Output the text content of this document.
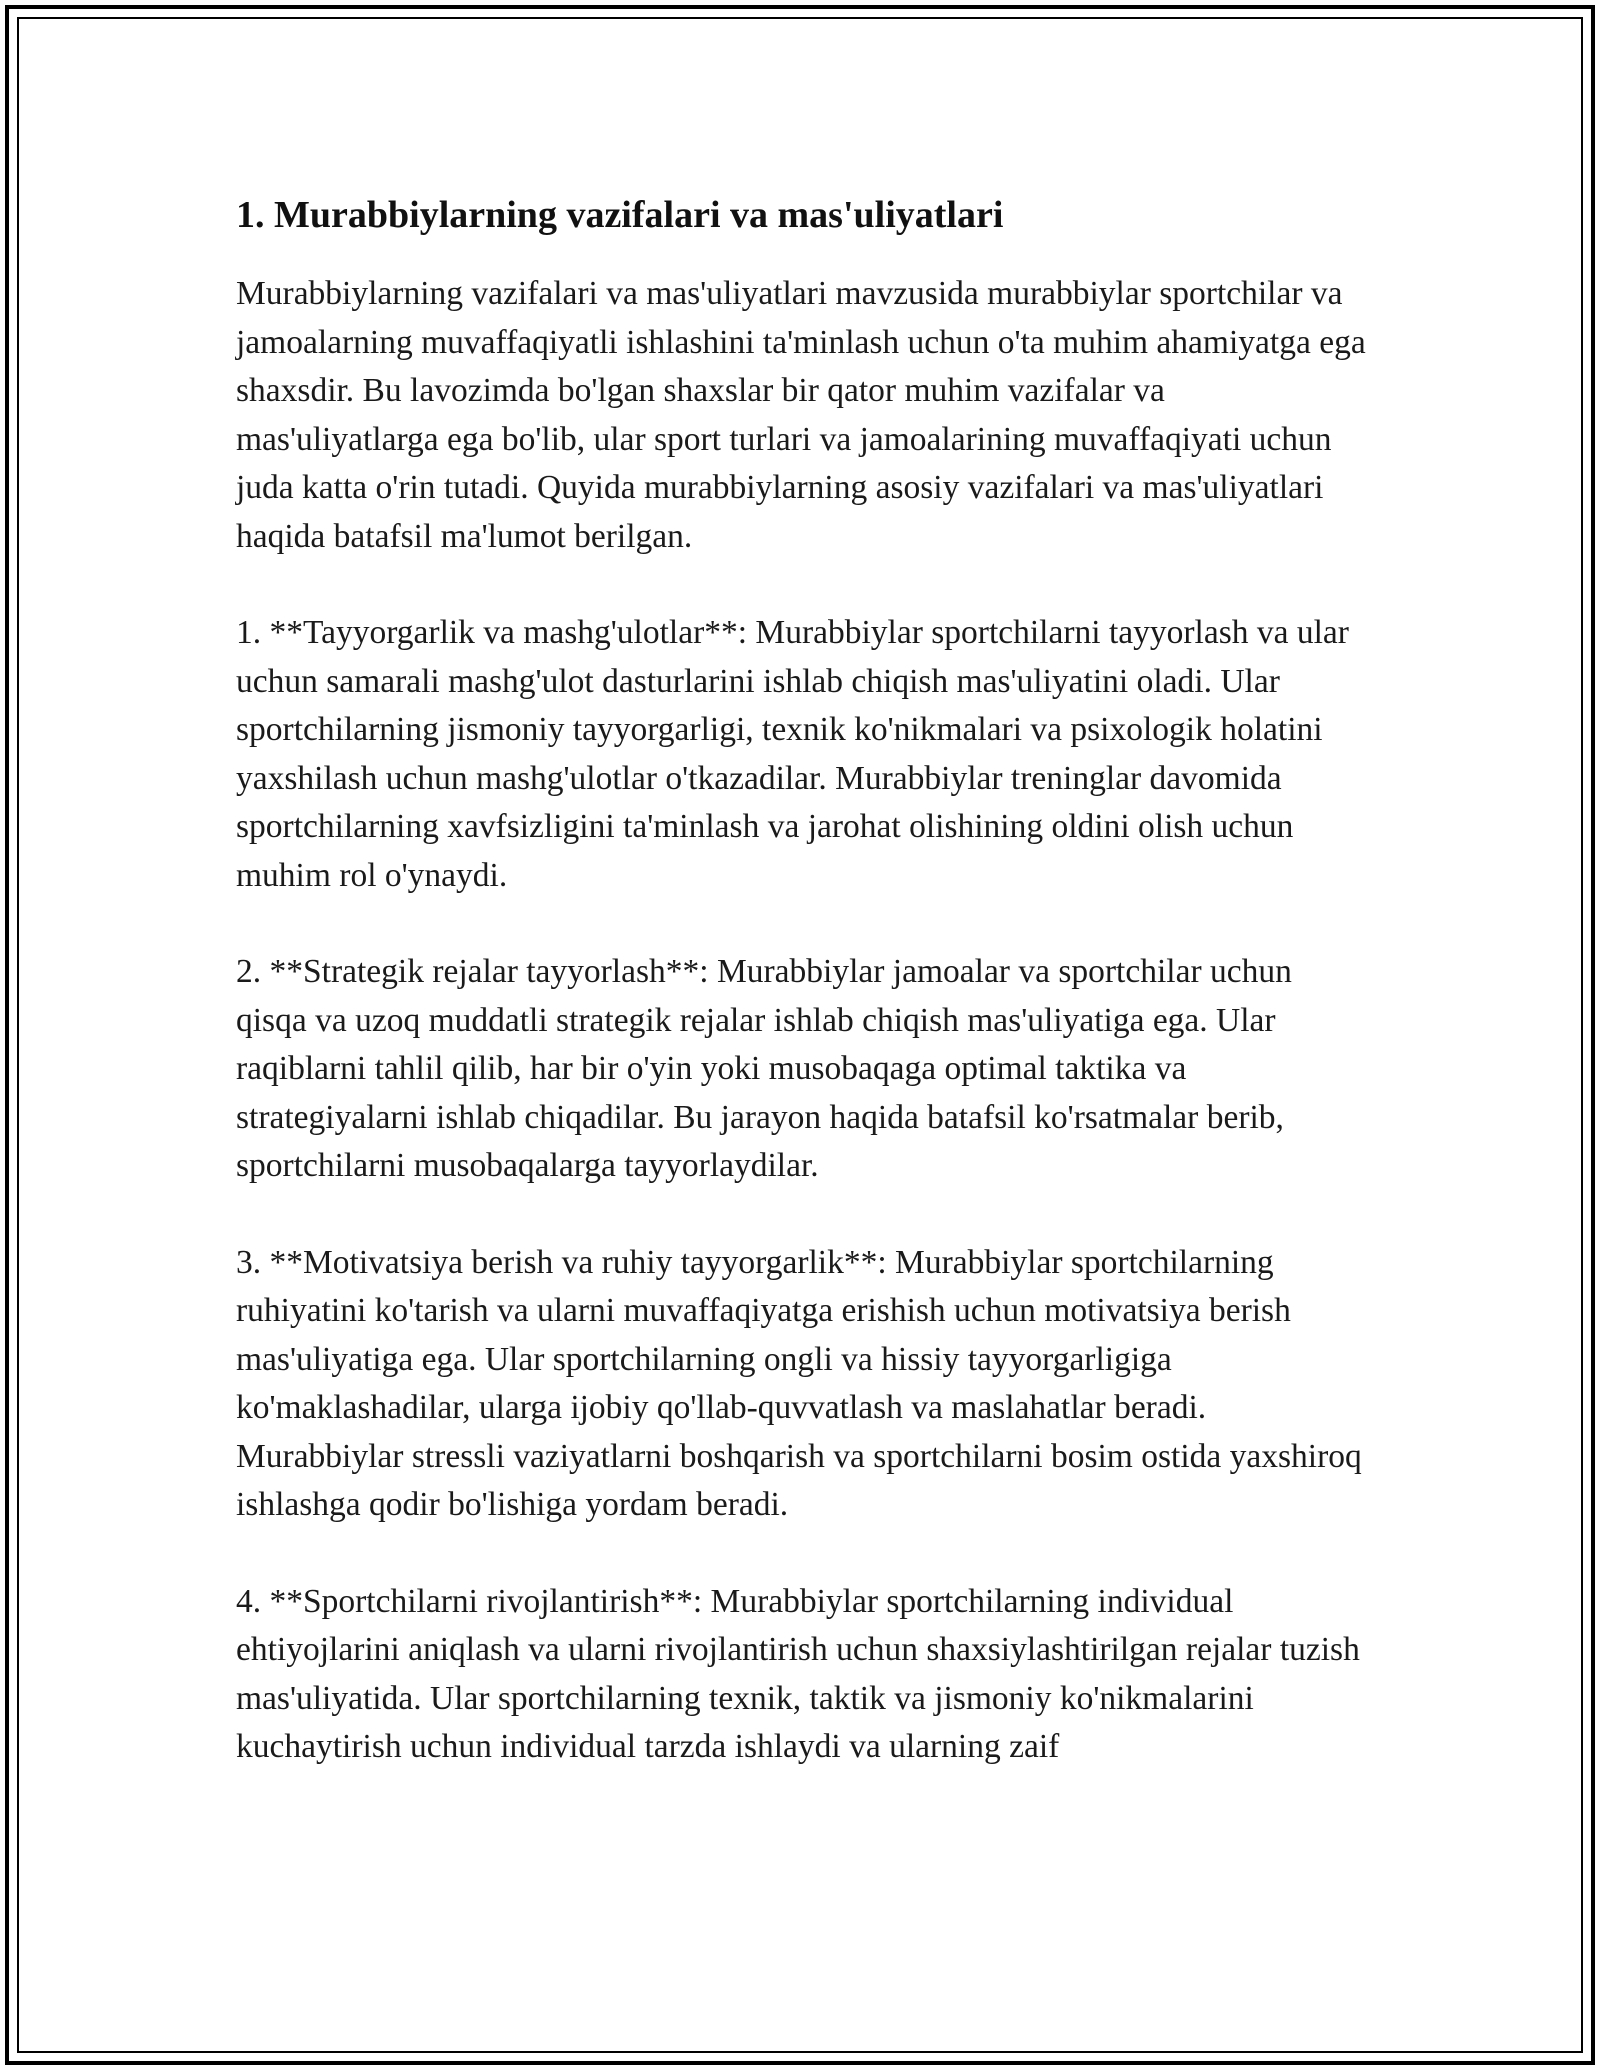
1. Murabbiylarning vazifalari va mas'uliyatlari

Murabbiylarning vazifalari va mas'uliyatlari mavzusida murabbiylar sportchilar va jamoalarning muvaffaqiyatli ishlashini ta'minlash uchun o'ta muhim ahamiyatga ega shaxsdir. Bu lavozimda bo'lgan shaxslar bir qator muhim vazifalar va mas'uliyatlarga ega bo'lib, ular sport turlari va jamoalarining muvaffaqiyati uchun juda katta o'rin tutadi. Quyida murabbiylarning asosiy vazifalari va mas'uliyatlari haqida batafsil ma'lumot berilgan.

1. **Tayyorgarlik va mashg'ulotlar**: Murabbiylar sportchilarni tayyorlash va ular uchun samarali mashg'ulot dasturlarini ishlab chiqish mas'uliyatini oladi. Ular sportchilarning jismoniy tayyorgarligi, texnik ko'nikmalari va psixologik holatini yaxshilash uchun mashg'ulotlar o'tkazadilar. Murabbiylar treninglar davomida sportchilarning xavfsizligini ta'minlash va jarohat olishining oldini olish uchun muhim rol o'ynaydi.

2. **Strategik rejalar tayyorlash**: Murabbiylar jamoalar va sportchilar uchun qisqa va uzoq muddatli strategik rejalar ishlab chiqish mas'uliyatiga ega. Ular raqiblarni tahlil qilib, har bir o'yin yoki musobaqaga optimal taktika va strategiyalarni ishlab chiqadilar. Bu jarayon haqida batafsil ko'rsatmalar berib, sportchilarni musobaqalarga tayyorlaydilar.

3. **Motivatsiya berish va ruhiy tayyorgarlik**: Murabbiylar sportchilarning ruhiyatini ko'tarish va ularni muvaffaqiyatga erishish uchun motivatsiya berish mas'uliyatiga ega. Ular sportchilarning ongli va hissiy tayyorgarligiga ko'maklashadilar, ularga ijobiy qo'llab-quvvatlash va maslahatlar beradi. Murabbiylar stressli vaziyatlarni boshqarish va sportchilarni bosim ostida yaxshiroq ishlashga qodir bo'lishiga yordam beradi.

4. **Sportchilarni rivojlantirish**: Murabbiylar sportchilarning individual ehtiyojlarini aniqlash va ularni rivojlantirish uchun shaxsiylashtirilgan rejalar tuzish mas'uliyatida. Ular sportchilarning texnik, taktik va jismoniy ko'nikmalarini kuchaytirish uchun individual tarzda ishlaydi va ularning zaif
